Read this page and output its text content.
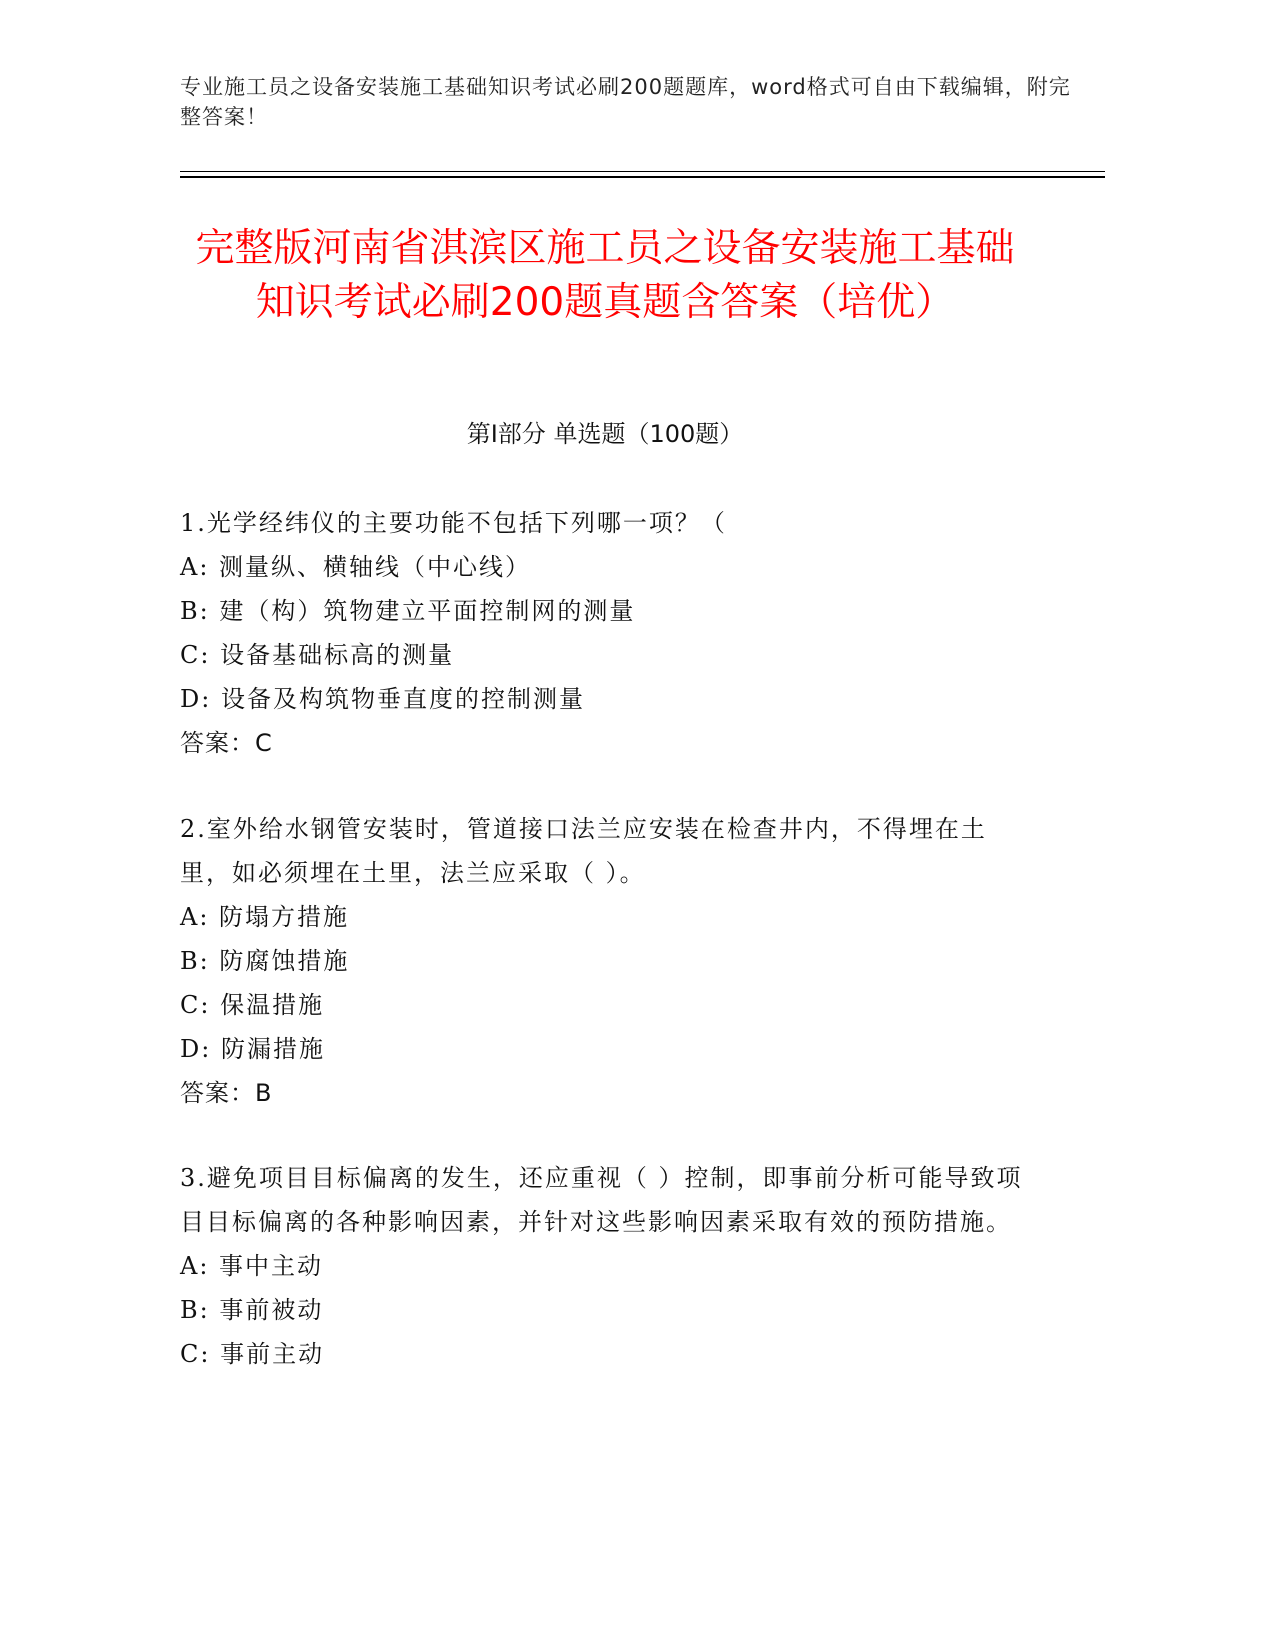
专业施工员之设备安装施工基础知识考试必刷200题题库，word格式可自由下载编辑，附完整答案！
完整版河南省淇滨区施工员之设备安装施工基础知识考试必刷200题真题含答案（培优）
第Ⅰ部分 单选题（100题）

1.光学经纬仪的主要功能不包括下列哪一项？（

A: 测量纵、横轴线（中心线）

B: 建（构）筑物建立平面控制网的测量

C: 设备基础标高的测量

D: 设备及构筑物垂直度的控制测量

答案：C

2.室外给水钢管安装时，管道接口法兰应安装在检查井内，不得埋在土里，如必须埋在土里，法兰应采取（ ）。

A: 防塌方措施

B: 防腐蚀措施

C: 保温措施

D: 防漏措施

答案：B

3.避免项目目标偏离的发生，还应重视（ ）控制，即事前分析可能导致项目目标偏离的各种影响因素，并针对这些影响因素采取有效的预防措施。

A: 事中主动

B: 事前被动

C: 事前主动
